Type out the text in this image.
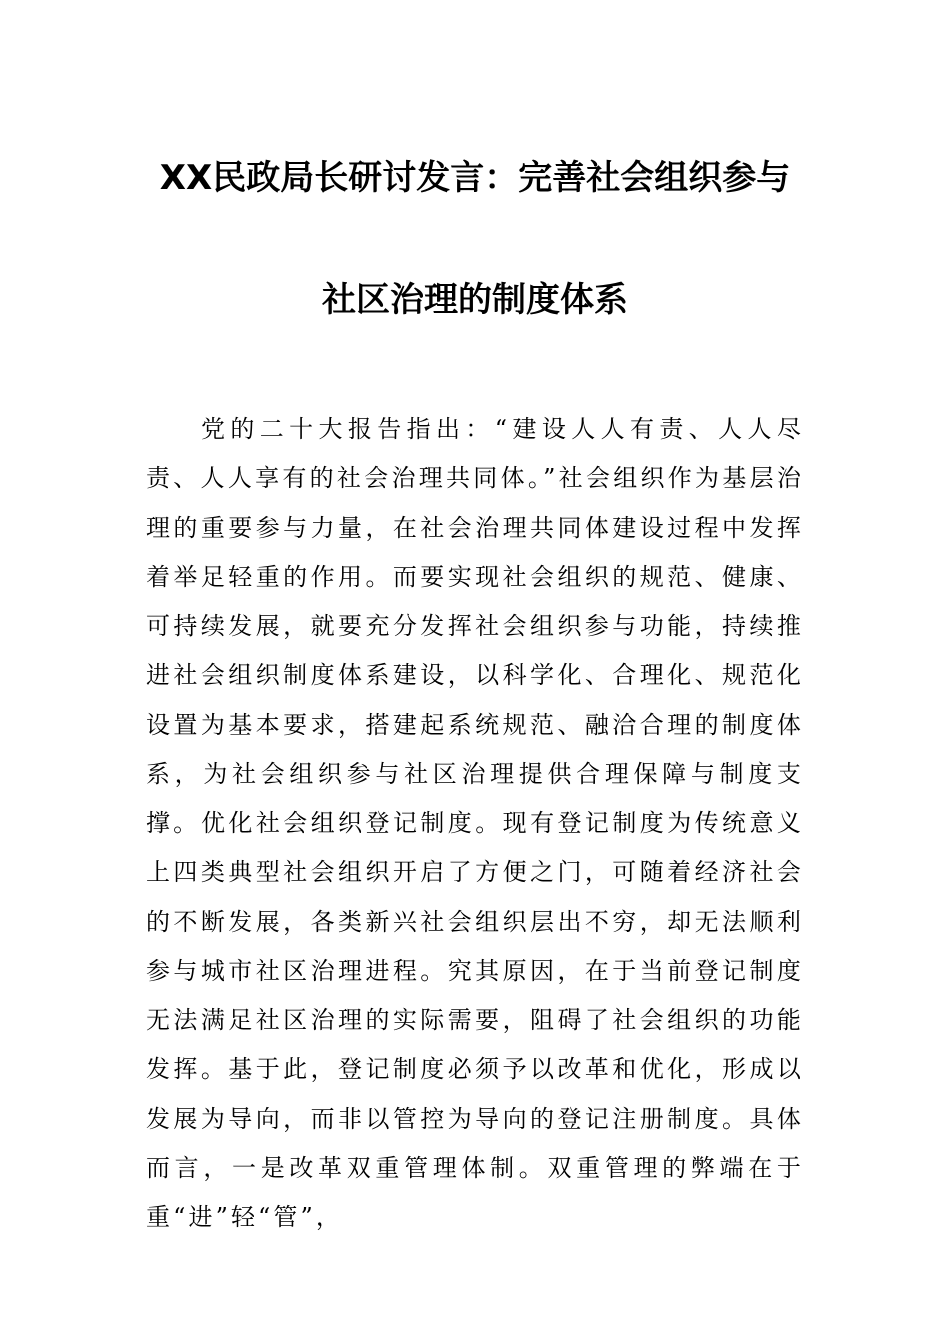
XX民政局长研讨发言：完善社会组织参与
社区治理的制度体系

党的二十大报告指出：“建设人人有责、人人尽责、人人享有的社会治理共同体。”社会组织作为基层治理的重要参与力量，在社会治理共同体建设过程中发挥着举足轻重的作用。而要实现社会组织的规范、健康、可持续发展，就要充分发挥社会组织参与功能，持续推进社会组织制度体系建设，以科学化、合理化、规范化设置为基本要求，搭建起系统规范、融洽合理的制度体系，为社会组织参与社区治理提供合理保障与制度支撑。 优化社会组织登记制度。现有登记制度为传统意义上四类典型社会组织开启了方便之门，可随着经济社会的不断发展，各类新兴社会组织层出不穷，却无法顺利参与城市社区治理进程。究其原因，在于当前登记制度无法满足社区治理的实际需要，阻碍了社会组织的功能发挥。基于此，登记制度必须予以改革和优化，形成以发展为导向，而非以管控为导向的登记注册制度。具体而言，一是改革双重管理体制。双重管理的弊端在于重“进”轻“管”，
